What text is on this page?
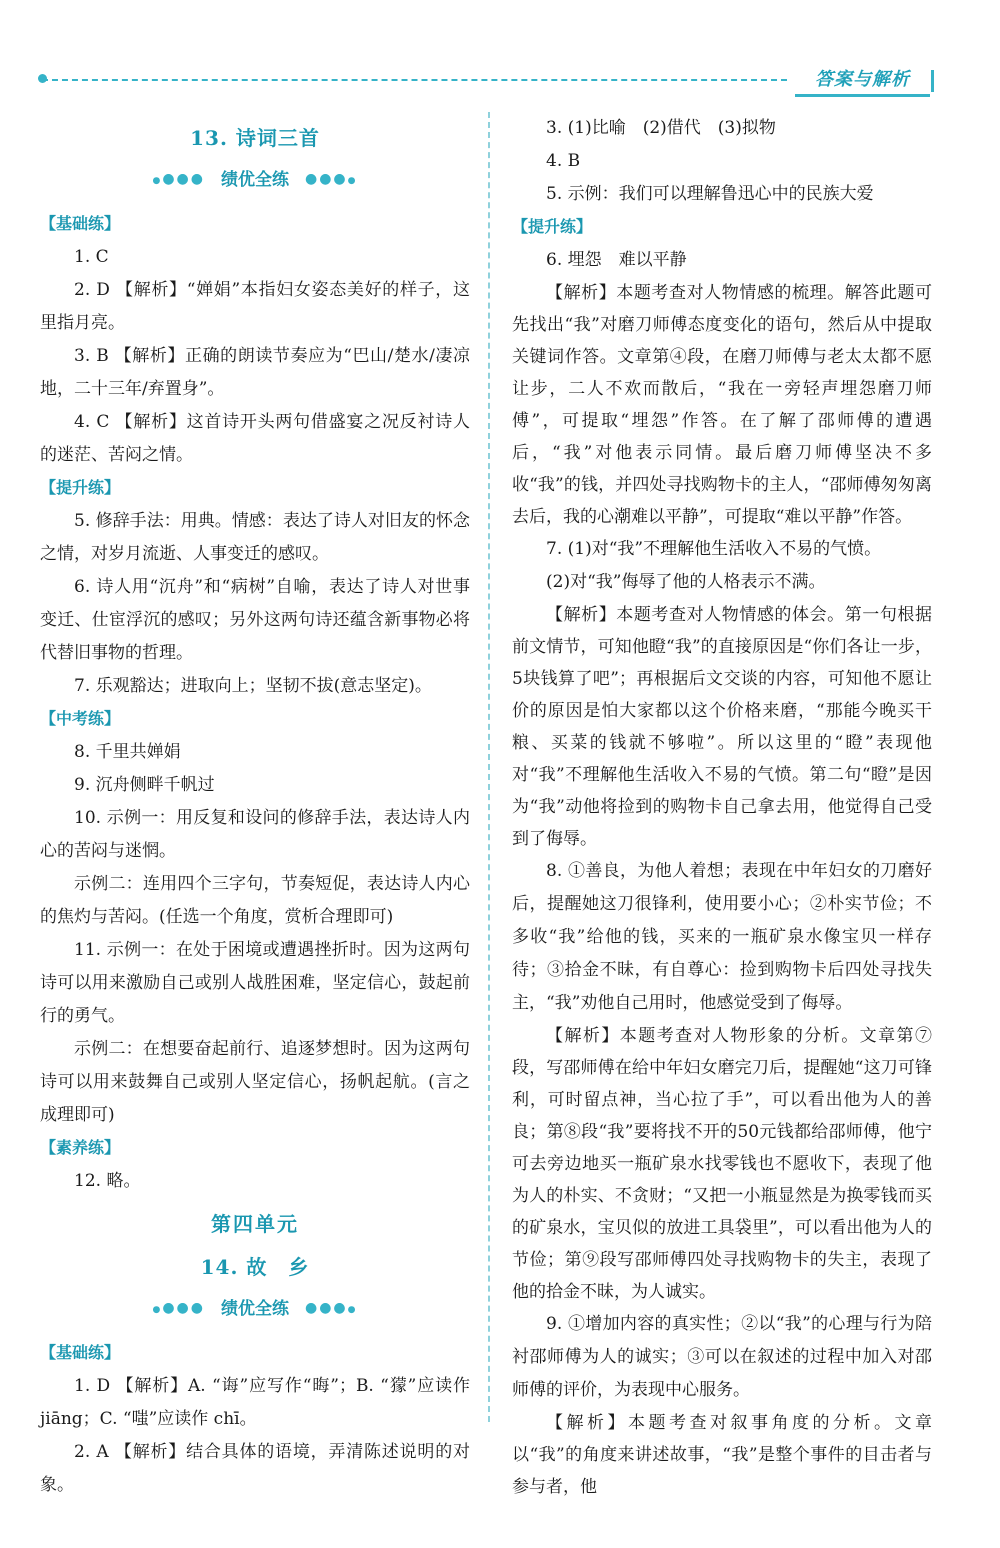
答案与解析
13. 诗词三首
●●●● 绩优全练 ●●●●
【基础练】

1. C

2. D 【解析】“婵娟”本指妇女姿态美好的样子，这里指月亮。

3. B 【解析】正确的朗读节奏应为“巴山/楚水/凄凉地，二十三年/弃置身”。

4. C 【解析】这首诗开头两句借盛宴之况反衬诗人的迷茫、苦闷之情。

【提升练】

5. 修辞手法：用典。情感：表达了诗人对旧友的怀念之情，对岁月流逝、人事变迁的感叹。

6. 诗人用“沉舟”和“病树”自喻，表达了诗人对世事变迁、仕宦浮沉的感叹；另外这两句诗还蕴含新事物必将代替旧事物的哲理。

7. 乐观豁达；进取向上；坚韧不拔(意志坚定)。

【中考练】

8. 千里共婵娟

9. 沉舟侧畔千帆过

10. 示例一：用反复和设问的修辞手法，表达诗人内心的苦闷与迷惘。

示例二：连用四个三字句，节奏短促，表达诗人内心的焦灼与苦闷。(任选一个角度，赏析合理即可)

11. 示例一：在处于困境或遭遇挫折时。因为这两句诗可以用来激励自己或别人战胜困难，坚定信心，鼓起前行的勇气。

示例二：在想要奋起前行、追逐梦想时。因为这两句诗可以用来鼓舞自己或别人坚定信心，扬帆起航。(言之成理即可)

【素养练】

12. 略。

第四单元
14. 故　乡
●●●● 绩优全练 ●●●●
【基础练】

1. D 【解析】A. “诲”应写作“晦”；B. “獴”应读作 jiāng；C. “嗤”应读作 chī。

2. A 【解析】结合具体的语境，弄清陈述说明的对象。

3. (1)比喻　(2)借代　(3)拟物

4. B

5. 示例：我们可以理解鲁迅心中的民族大爱

【提升练】

6. 埋怨　难以平静

【解析】本题考查对人物情感的梳理。解答此题可先找出“我”对磨刀师傅态度变化的语句，然后从中提取关键词作答。文章第④段，在磨刀师傅与老太太都不愿让步，二人不欢而散后，“我在一旁轻声埋怨磨刀师傅”，可提取“埋怨”作答。在了解了邵师傅的遭遇后，“我”对他表示同情。最后磨刀师傅坚决不多收“我”的钱，并四处寻找购物卡的主人，“邵师傅匆匆离去后，我的心潮难以平静”，可提取“难以平静”作答。

7. (1)对“我”不理解他生活收入不易的气愤。

(2)对“我”侮辱了他的人格表示不满。

【解析】本题考查对人物情感的体会。第一句根据前文情节，可知他瞪“我”的直接原因是“你们各让一步，5块钱算了吧”；再根据后文交谈的内容，可知他不愿让价的原因是怕大家都以这个价格来磨，“那能今晚买干粮、买菜的钱就不够啦”。所以这里的“瞪”表现他对“我”不理解他生活收入不易的气愤。第二句“瞪”是因为“我”动他将捡到的购物卡自己拿去用，他觉得自己受到了侮辱。

8. ①善良，为他人着想；表现在中年妇女的刀磨好后，提醒她这刀很锋利，使用要小心；②朴实节俭；不多收“我”给他的钱，买来的一瓶矿泉水像宝贝一样存待；③拾金不昧，有自尊心：捡到购物卡后四处寻找失主，“我”劝他自己用时，他感觉受到了侮辱。

【解析】本题考查对人物形象的分析。文章第⑦段，写邵师傅在给中年妇女磨完刀后，提醒她“这刀可锋利，可时留点神，当心拉了手”，可以看出他为人的善良；第⑧段“我”要将找不开的50元钱都给邵师傅，他宁可去旁边地买一瓶矿泉水找零钱也不愿收下，表现了他为人的朴实、不贪财；“又把一小瓶显然是为换零钱而买的矿泉水，宝贝似的放进工具袋里”，可以看出他为人的节俭；第⑨段写邵师傅四处寻找购物卡的失主，表现了他的拾金不昧，为人诚实。

9. ①增加内容的真实性；②以“我”的心理与行为陪衬邵师傅为人的诚实；③可以在叙述的过程中加入对邵师傅的评价，为表现中心服务。

【解析】本题考查对叙事角度的分析。文章以“我”的角度来讲述故事，“我”是整个事件的目击者与参与者，他
